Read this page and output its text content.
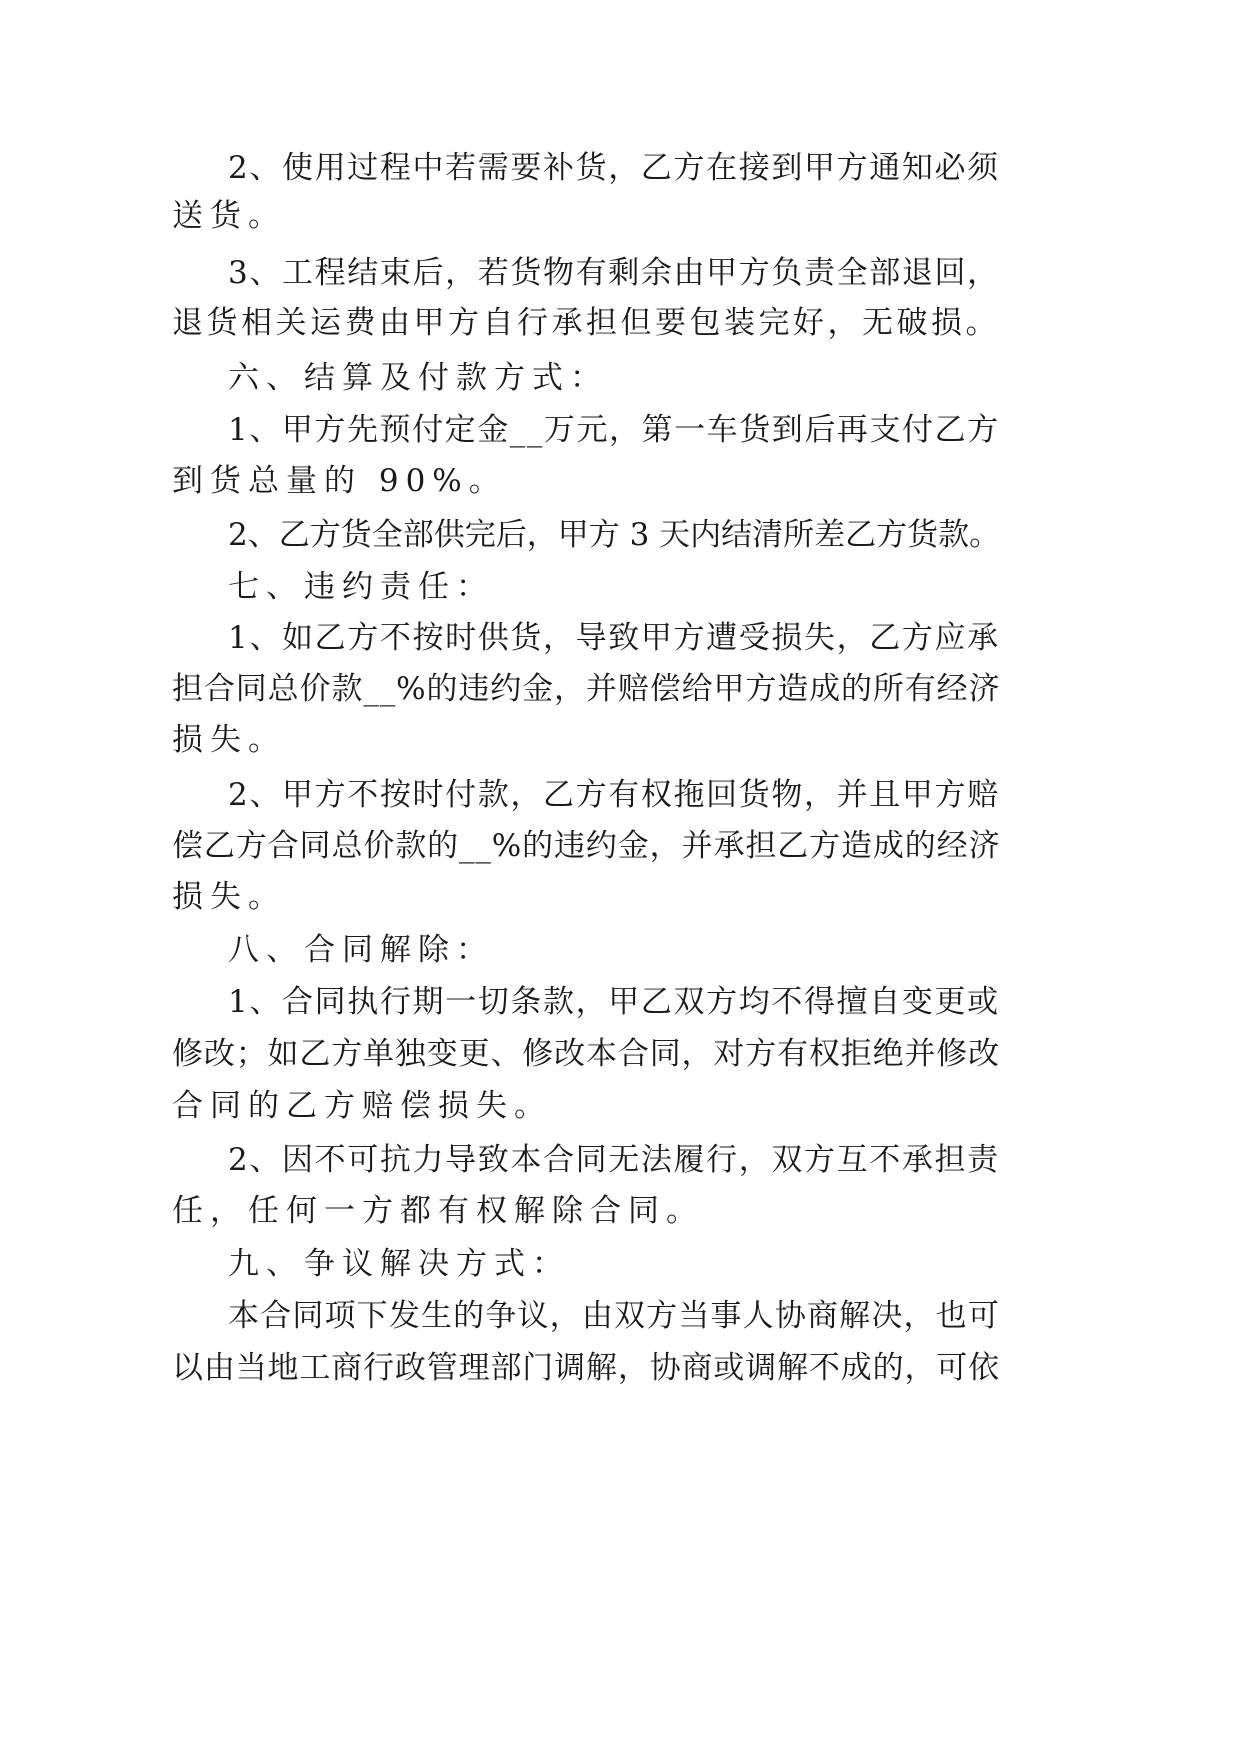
2、使用过程中若需要补货，乙方在接到甲方通知必须

送货。

3、工程结束后，若货物有剩余由甲方负责全部退回，

退货相关运费由甲方自行承担但要包装完好，无破损。

六、结算及付款方式：

1、甲方先预付定金__万元，第一车货到后再支付乙方

到货总量的 90%。

2、乙方货全部供完后，甲方 3 天内结清所差乙方货款。

七、违约责任：

1、如乙方不按时供货，导致甲方遭受损失，乙方应承

担合同总价款__%的违约金，并赔偿给甲方造成的所有经济

损失。

2、甲方不按时付款，乙方有权拖回货物，并且甲方赔

偿乙方合同总价款的__%的违约金，并承担乙方造成的经济

损失。

八、合同解除：

1、合同执行期一切条款，甲乙双方均不得擅自变更或

修改；如乙方单独变更、修改本合同，对方有权拒绝并修改

合同的乙方赔偿损失。

2、因不可抗力导致本合同无法履行，双方互不承担责

任，任何一方都有权解除合同。

九、争议解决方式：

本合同项下发生的争议，由双方当事人协商解决，也可

以由当地工商行政管理部门调解，协商或调解不成的，可依
